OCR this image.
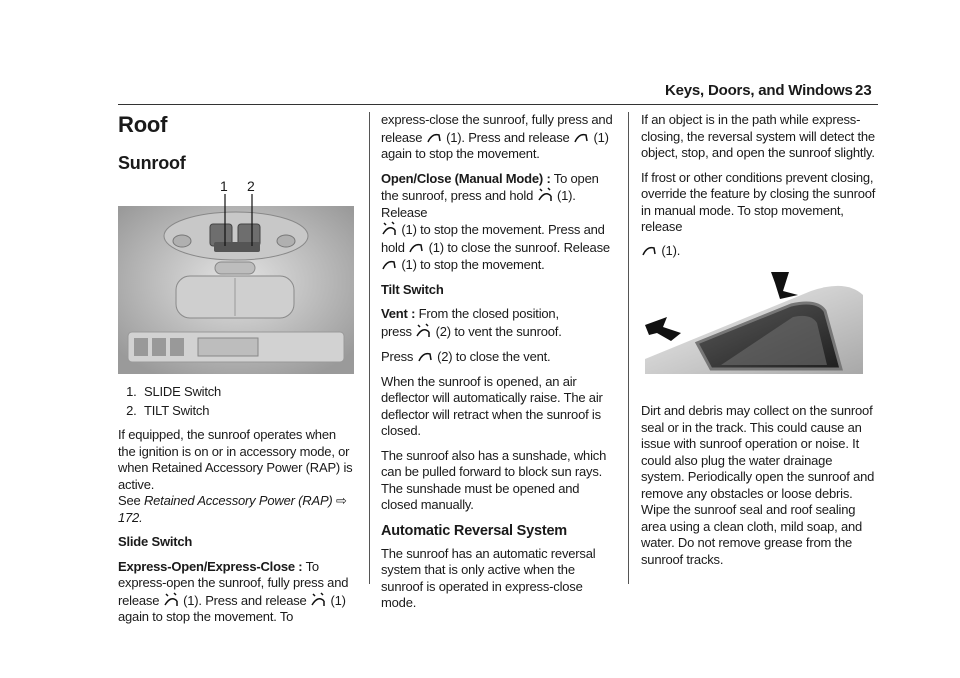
Keys, Doors, and Windows 23
Roof
Sunroof
1 2
1. SLIDE Switch
2. TILT Switch

If equipped, the sunroof operates when the ignition is on or in accessory mode, or when Retained Accessory Power (RAP) is active.
See Retained Accessory Power (RAP) ⇨ 172.

Slide Switch

Express-Open/Express-Close : To
express-open the sunroof, fully press and
release (1). Press and release (1)
again to stop the movement. To

express-close the sunroof, fully press and
release (1). Press and release (1)
again to stop the movement.

Open/Close (Manual Mode) : To open
the sunroof, press and hold (1). Release
(1) to stop the movement. Press and
hold (1) to close the sunroof. Release
(1) to stop the movement.

Tilt Switch

Vent : From the closed position,
press (2) to vent the sunroof.

Press (2) to close the vent.

When the sunroof is opened, an air deflector will automatically raise. The air deflector will retract when the sunroof is closed.

The sunroof also has a sunshade, which can be pulled forward to block sun rays. The sunshade must be opened and closed manually.

Automatic Reversal System

The sunroof has an automatic reversal system that is only active when the sunroof is operated in express-close mode.

If an object is in the path while express-closing, the reversal system will detect the object, stop, and open the sunroof slightly.

If frost or other conditions prevent closing, override the feature by closing the sunroof in manual mode. To stop movement, release
(1).

Dirt and debris may collect on the sunroof seal or in the track. This could cause an issue with sunroof operation or noise. It could also plug the water drainage system. Periodically open the sunroof and remove any obstacles or loose debris. Wipe the sunroof seal and roof sealing area using a clean cloth, mild soap, and water. Do not remove grease from the sunroof tracks.
